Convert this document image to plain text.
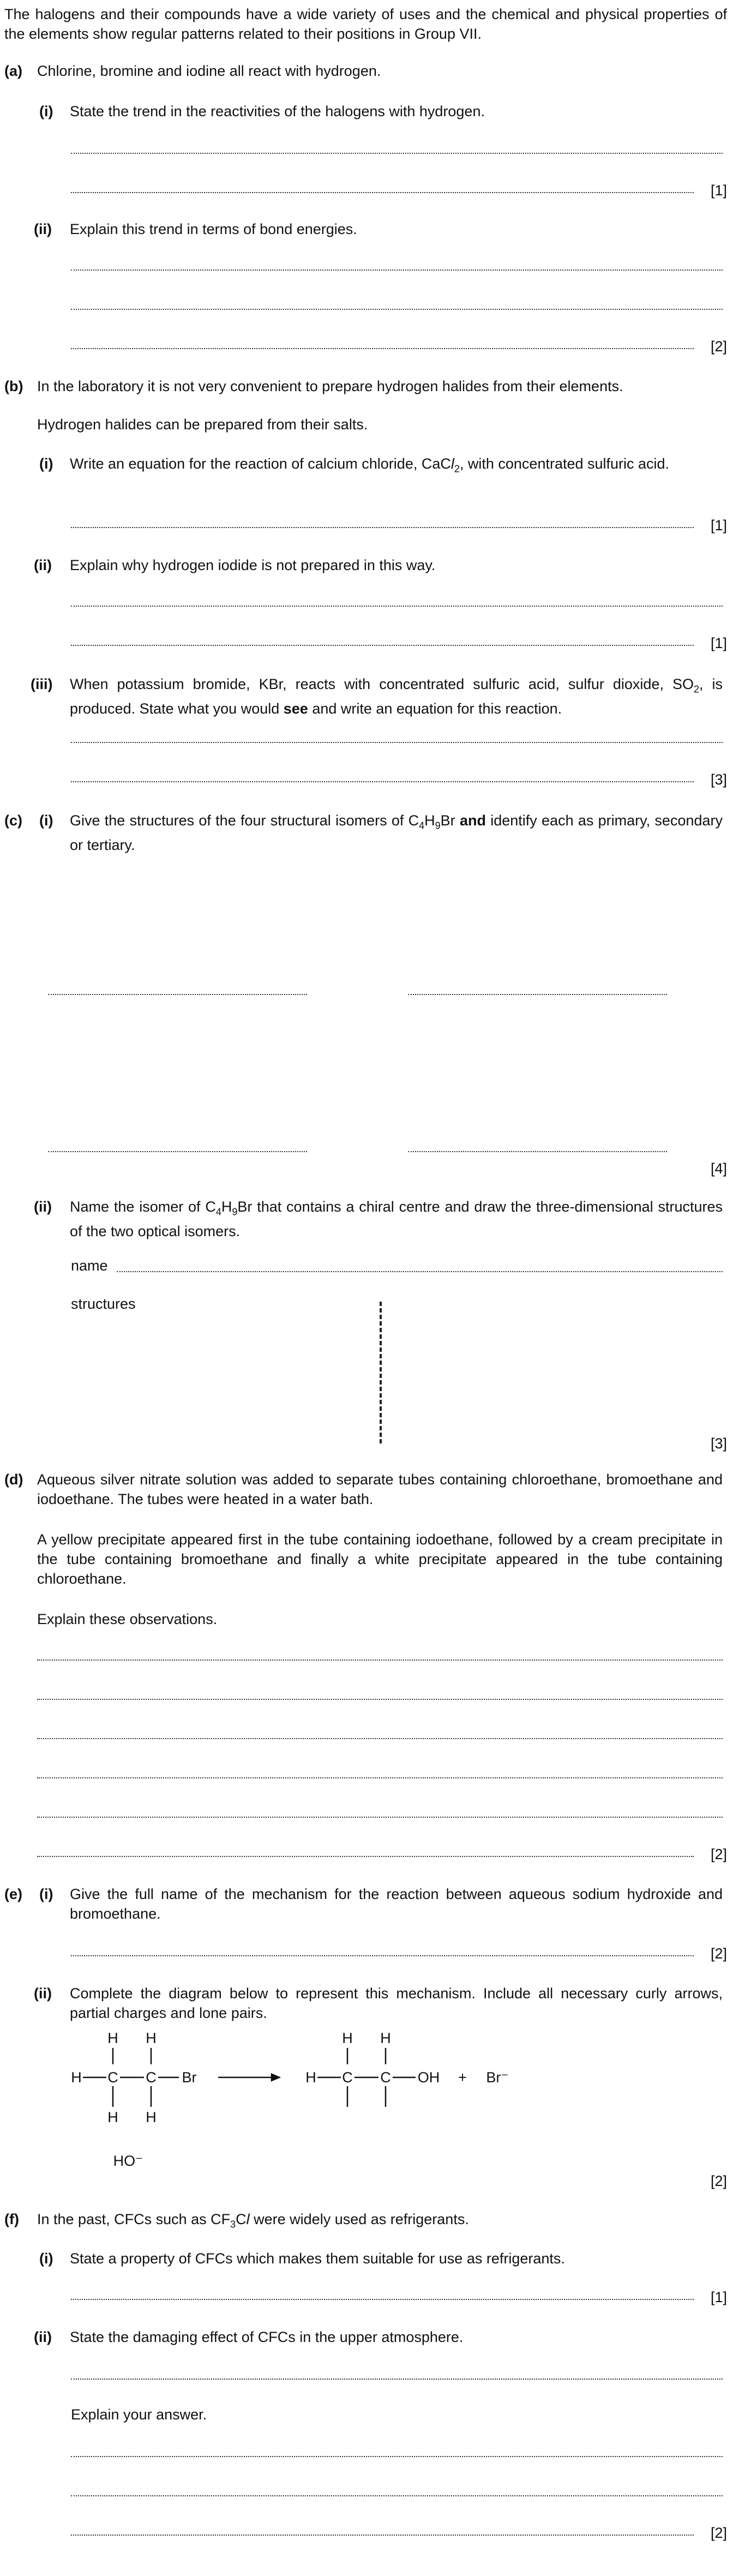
The halogens and their compounds have a wide variety of uses and the chemical and physical properties of the elements show regular patterns related to their positions in Group VII.
(a) Chlorine, bromine and iodine all react with hydrogen.
(i) State the trend in the reactivities of the halogens with hydrogen.
[1]
(ii) Explain this trend in terms of bond energies.
[2]
(b) In the laboratory it is not very convenient to prepare hydrogen halides from their elements.
Hydrogen halides can be prepared from their salts.
(i) Write an equation for the reaction of calcium chloride, CaCl$_2$, with concentrated sulfuric acid.
[1]
(ii) Explain why hydrogen iodide is not prepared in this way.
[1]
(iii) When potassium bromide, KBr, reacts with concentrated sulfuric acid, sulfur dioxide, $SO_2$, is produced. State what you would see and write an equation for this reaction.
[3]
(c) (i) Give the structures of the four structural isomers of $C_4H_9Br$ and identify each as primary, secondary or tertiary.
[4]
(ii) Name the isomer of $C_4H_9Br$ that contains a chiral centre and draw the three-dimensional structures of the two optical isomers.
name
structures
[3]
(d) Aqueous silver nitrate solution was added to separate tubes containing chloroethane, bromoethane and iodoethane. The tubes were heated in a water bath.
A yellow precipitate appeared first in the tube containing iodoethane, followed by a cream precipitate in the tube containing bromoethane and finally a white precipitate appeared in the tube containing chloroethane.
Explain these observations.
[2]
(e) (i) Give the full name of the mechanism for the reaction between aqueous sodium hydroxide and bromoethane.
[2]
(ii) Complete the diagram below to represent this mechanism. Include all necessary curly arrows, partial charges and lone pairs.
H H
H C C Br
H H
H H
H C C OH + Br⁻
HO⁻
[2]
(f) In the past, CFCs such as $CF_3Cl$ were widely used as refrigerants.
(i) State a property of CFCs which makes them suitable for use as refrigerants.
[1]
(ii) State the damaging effect of CFCs in the upper atmosphere.
Explain your answer.
[2]
